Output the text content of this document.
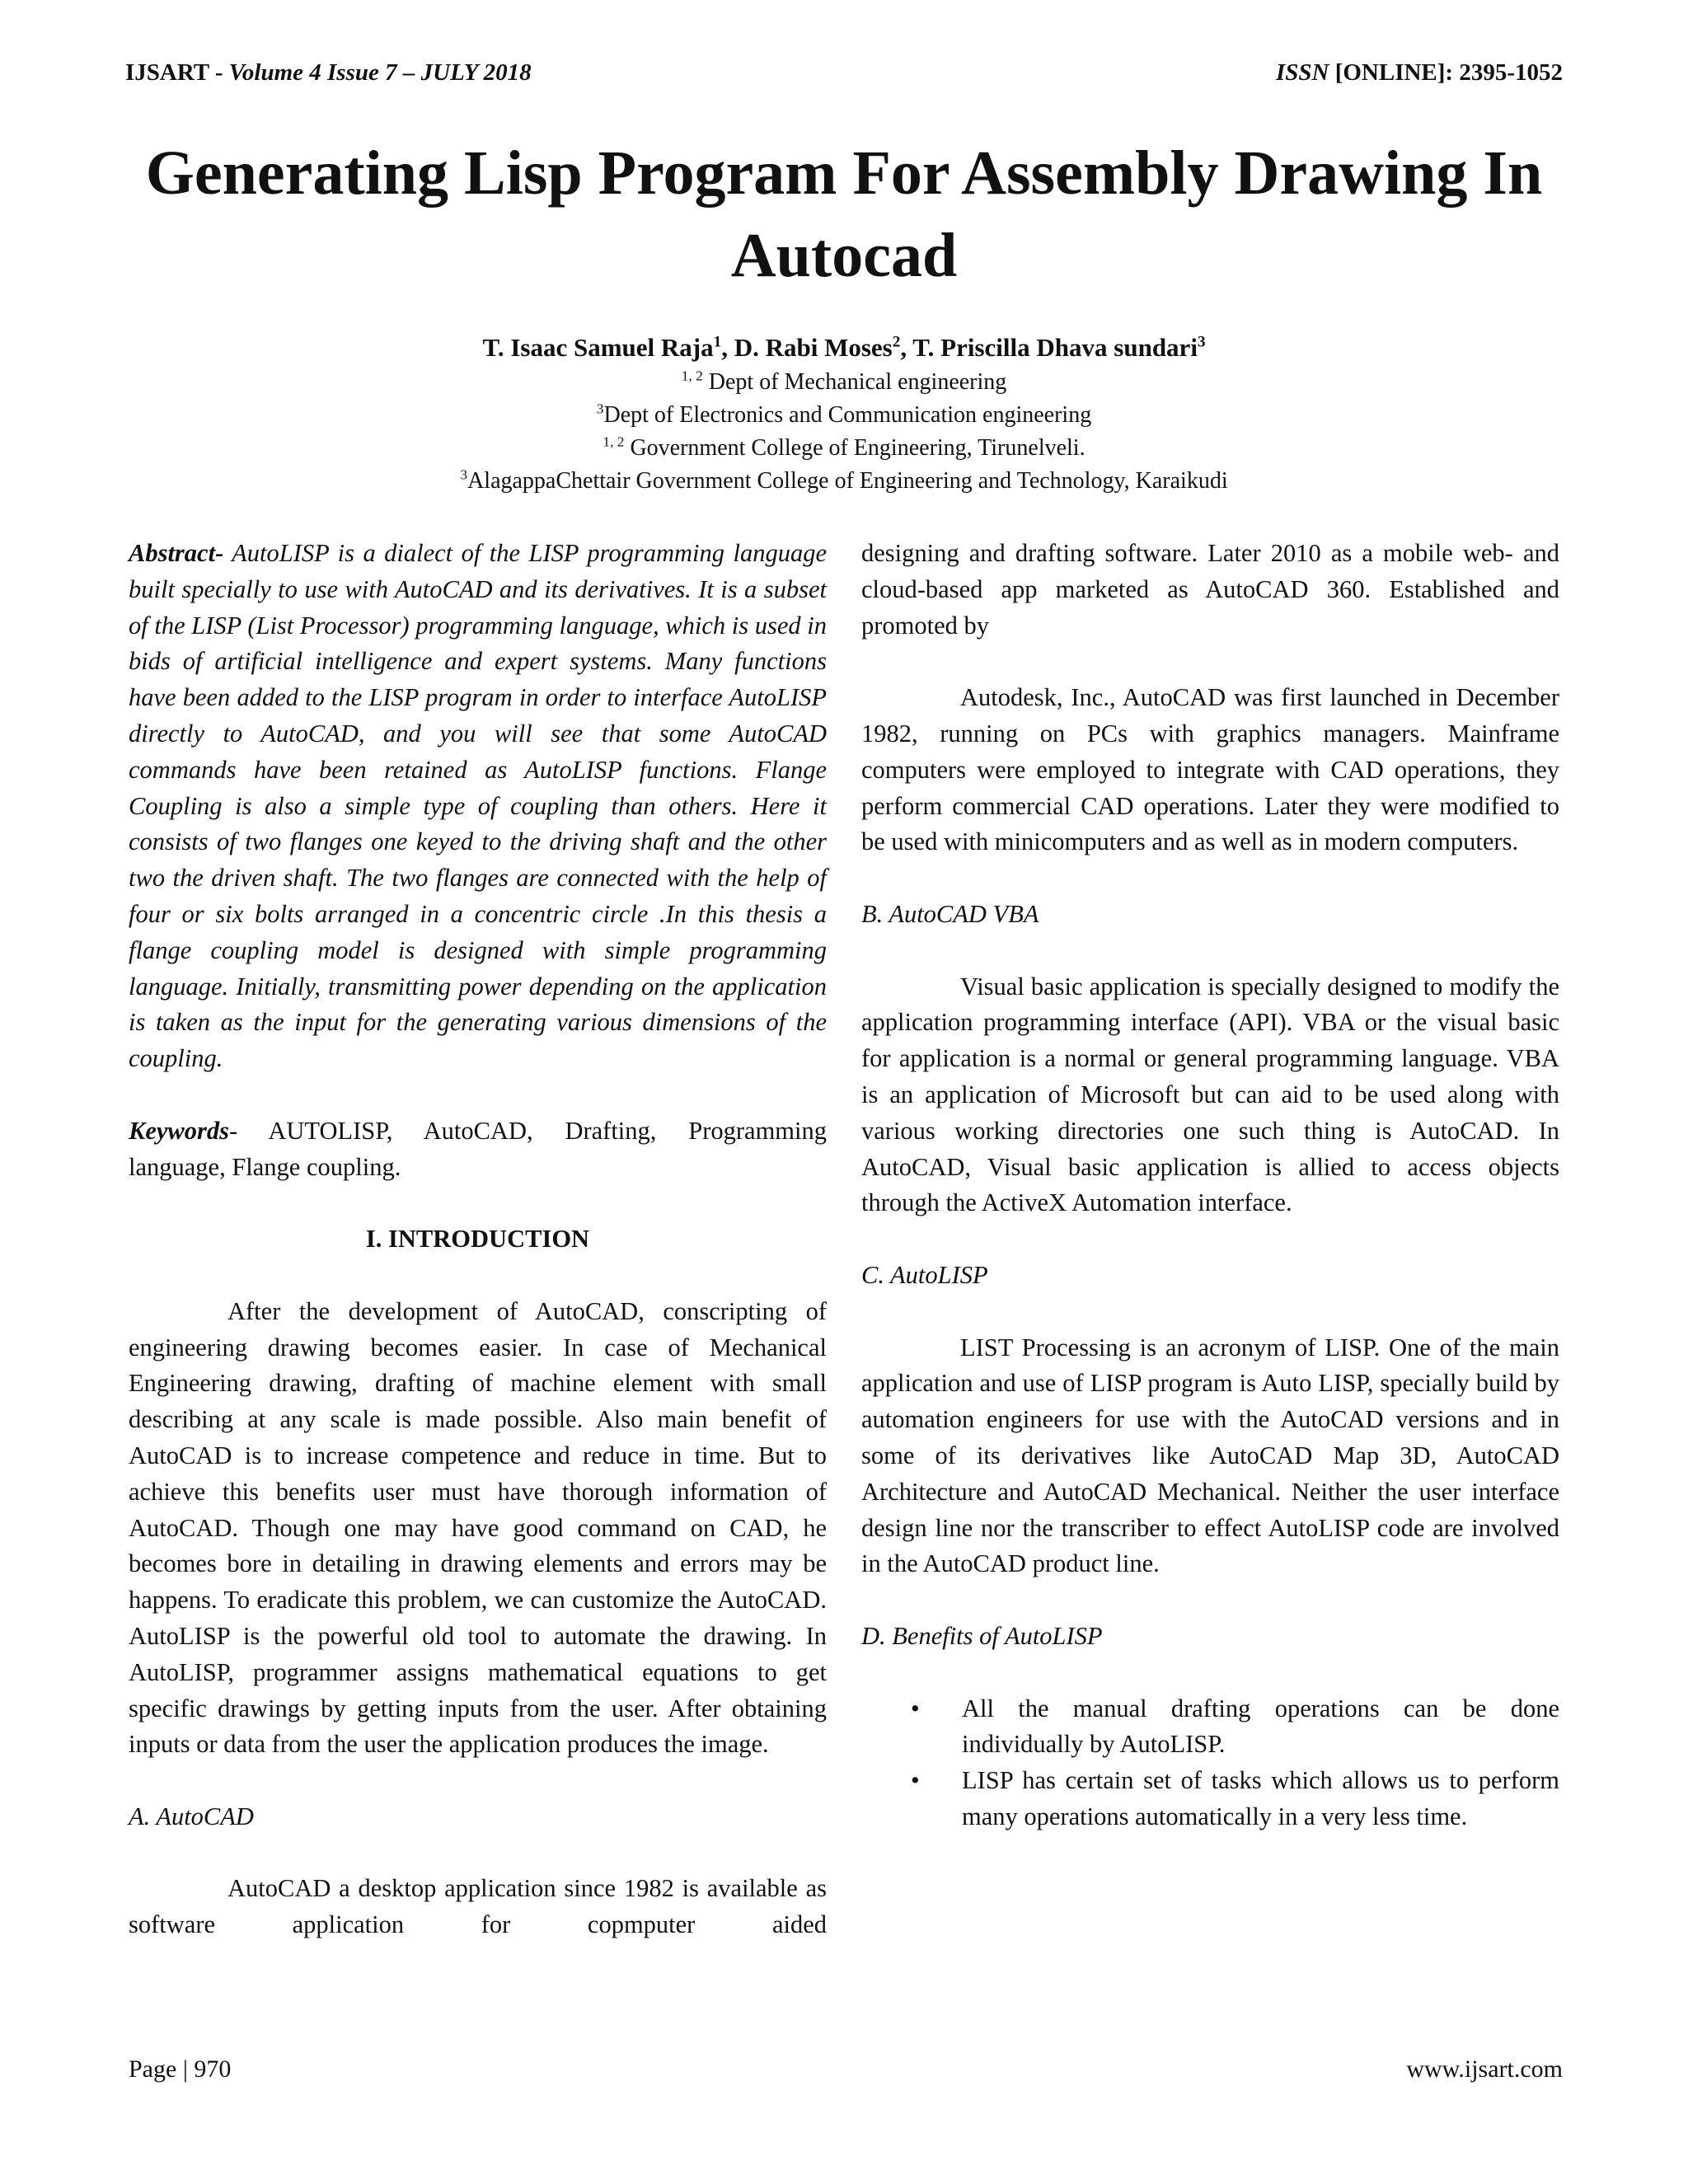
IJSART - Volume 4 Issue 7 – JULY 2018	ISSN [ONLINE]: 2395-1052
Generating Lisp Program For Assembly Drawing In
Autocad
T. Isaac Samuel Raja$^1$, D. Rabi Moses$^2$, T. Priscilla Dhava sundari$^3$
$^{1, 2}$ Dept of Mechanical engineering
$^3$Dept of Electronics and Communication engineering
$^{1, 2}$ Government College of Engineering, Tirunelveli.
$^3$AlagappaChettair Government College of Engineering and Technology, Karaikudi

Abstract- AutoLISP is a dialect of the LISP programming language built specially to use with AutoCAD and its derivatives. It is a subset of the LISP (List Processor) programming language, which is used in bids of artificial intelligence and expert systems. Many functions have been added to the LISP program in order to interface AutoLISP directly to AutoCAD, and you will see that some AutoCAD commands have been retained as AutoLISP functions. Flange Coupling is also a simple type of coupling than others. Here it consists of two flanges one keyed to the driving shaft and the other two the driven shaft. The two flanges are connected with the help of four or six bolts arranged in a concentric circle .In this thesis a flange coupling model is designed with simple programming language. Initially, transmitting power depending on the application is taken as the input for the generating various dimensions of the coupling.

Keywords- AUTOLISP, AutoCAD, Drafting, Programming language, Flange coupling.

I. INTRODUCTION

After the development of AutoCAD, conscripting of engineering drawing becomes easier. In case of Mechanical Engineering drawing, drafting of machine element with small describing at any scale is made possible. Also main benefit of AutoCAD is to increase competence and reduce in time. But to achieve this benefits user must have thorough information of AutoCAD. Though one may have good command on CAD, he becomes bore in detailing in drawing elements and errors may be happens. To eradicate this problem, we can customize the AutoCAD. AutoLISP is the powerful old tool to automate the drawing. In AutoLISP, programmer assigns mathematical equations to get specific drawings by getting inputs from the user. After obtaining inputs or data from the user the application produces the image.

A. AutoCAD

AutoCAD a desktop application since 1982 is available as software application for copmputer aided

designing and drafting software. Later 2010 as a mobile web- and cloud-based app marketed as AutoCAD 360. Established and promoted by

Autodesk, Inc., AutoCAD was first launched in December 1982, running on PCs with graphics managers. Mainframe computers were employed to integrate with CAD operations, they perform commercial CAD operations. Later they were modified to be used with minicomputers and as well as in modern computers.

B. AutoCAD VBA

Visual basic application is specially designed to modify the application programming interface (API). VBA or the visual basic for application is a normal or general programming language. VBA is an application of Microsoft but can aid to be used along with various working directories one such thing is AutoCAD. In AutoCAD, Visual basic application is allied to access objects through the ActiveX Automation interface.

C. AutoLISP

LIST Processing is an acronym of LISP. One of the main application and use of LISP program is Auto LISP, specially build by automation engineers for use with the AutoCAD versions and in some of its derivatives like AutoCAD Map 3D, AutoCAD Architecture and AutoCAD Mechanical. Neither the user interface design line nor the transcriber to effect AutoLISP code are involved in the AutoCAD product line.

D. Benefits of AutoLISP

• All the manual drafting operations can be done individually by AutoLISP.
• LISP has certain set of tasks which allows us to perform many operations automatically in a very less time.
Page | 970	www.ijsart.com
